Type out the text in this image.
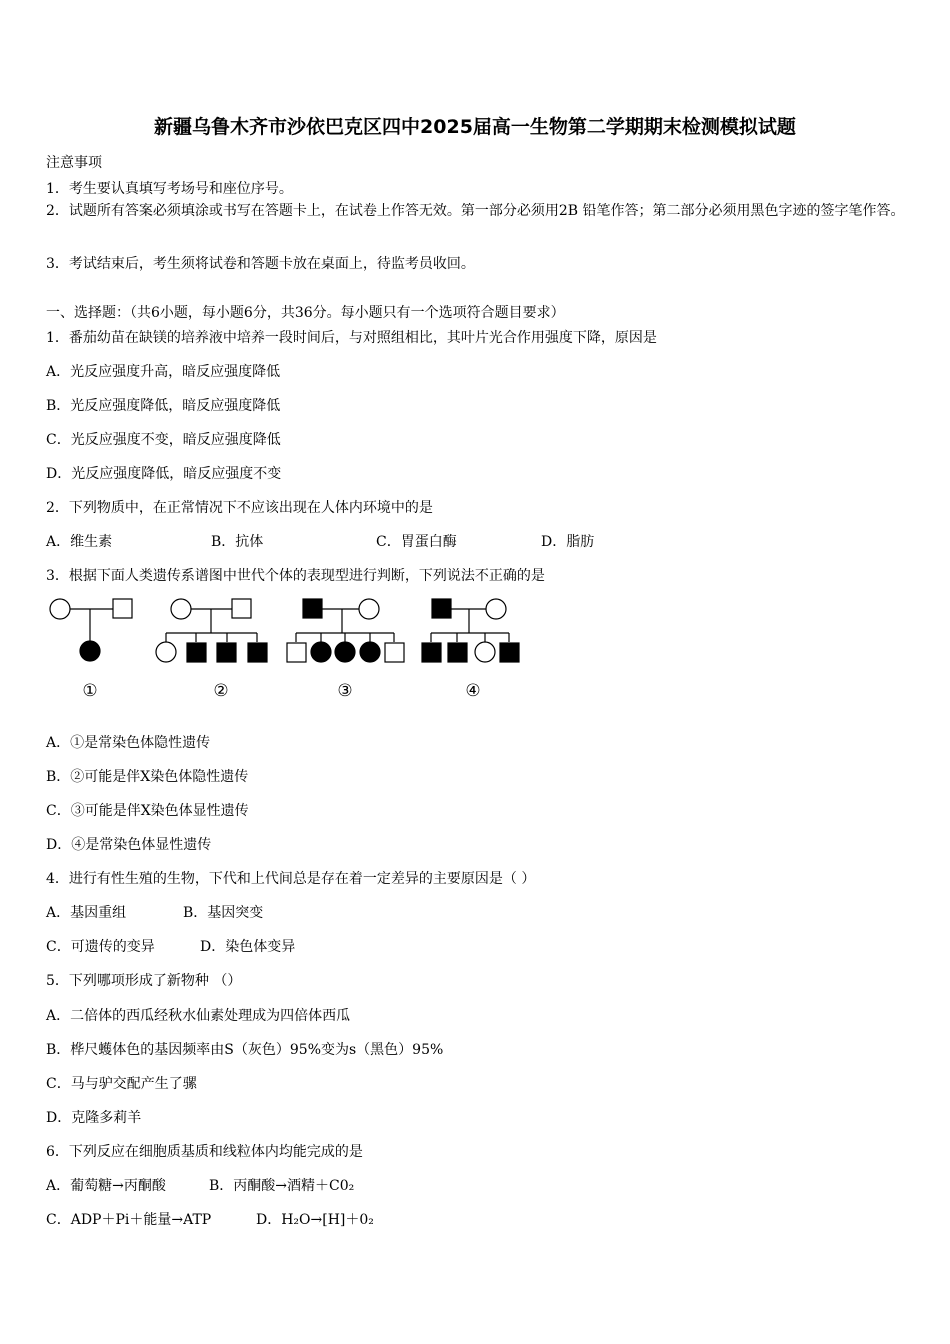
新疆乌鲁木齐市沙依巴克区四中2025届高一生物第二学期期末检测模拟试题
注意事项
1．考生要认真填写考场号和座位序号。
2．试题所有答案必须填涂或书写在答题卡上，在试卷上作答无效。第一部分必须用2B 铅笔作答；第二部分必须用黑色字迹的签字笔作答。
3．考试结束后，考生须将试卷和答题卡放在桌面上，待监考员收回。
一、选择题：（共6小题，每小题6分，共36分。每小题只有一个选项符合题目要求）
1．番茄幼苗在缺镁的培养液中培养一段时间后，与对照组相比，其叶片光合作用强度下降，原因是
A．光反应强度升高，暗反应强度降低
B．光反应强度降低，暗反应强度降低
C．光反应强度不变，暗反应强度降低
D．光反应强度降低，暗反应强度不变
2．下列物质中，在正常情况下不应该出现在人体内环境中的是
A．维生素	B．抗体	C．胃蛋白酶	D．脂肪
3．根据下面人类遗传系谱图中世代个体的表现型进行判断，下列说法不正确的是
①	②	③	④
A．①是常染色体隐性遗传
B．②可能是伴X染色体隐性遗传
C．③可能是伴X染色体显性遗传
D．④是常染色体显性遗传
4．进行有性生殖的生物，下代和上代间总是存在着一定差异的主要原因是（ ）
A．基因重组	B．基因突变
C．可遗传的变异	D．染色体变异
5．下列哪项形成了新物种 （）
A．二倍体的西瓜经秋水仙素处理成为四倍体西瓜
B．桦尺蠖体色的基因频率由S（灰色）95%变为s（黑色）95%
C．马与驴交配产生了骡
D．克隆多莉羊
6．下列反应在细胞质基质和线粒体内均能完成的是
A．葡萄糖→丙酮酸	B．丙酮酸→酒精＋C0₂
C．ADP＋Pi＋能量→ATP	D．H₂O→[H]＋0₂
